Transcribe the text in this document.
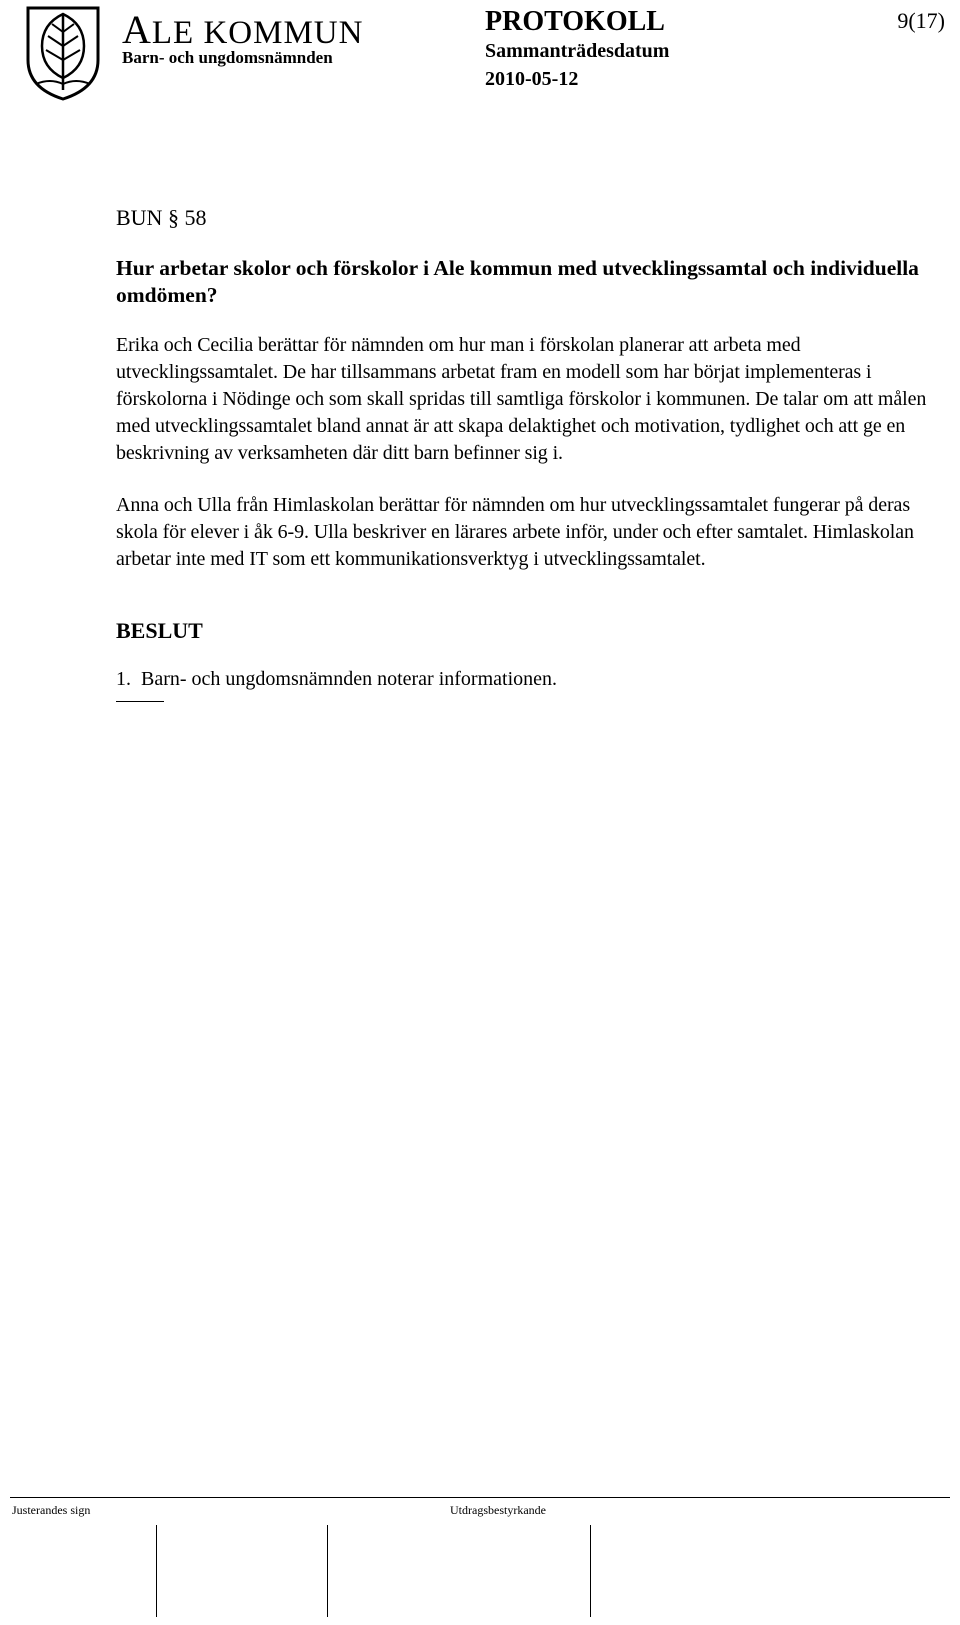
ALE KOMMUN
Barn- och ungdomsnämnden
PROTOKOLL
Sammanträdesdatum
2010-05-12
9(17)
BUN § 58
Hur arbetar skolor och förskolor i Ale kommun med utvecklingssamtal och individuella omdömen?

Erika och Cecilia berättar för nämnden om hur man i förskolan planerar att arbeta med utvecklingssamtalet. De har tillsammans arbetat fram en modell som har börjat implementeras i förskolorna i Nödinge och som skall spridas till samtliga förskolor i kommunen. De talar om att målen med utvecklingssamtalet bland annat är att skapa delaktighet och motivation, tydlighet och att ge en beskrivning av verksamheten där ditt barn befinner sig i.

Anna och Ulla från Himlaskolan berättar för nämnden om hur utvecklingssamtalet fungerar på deras skola för elever i åk 6-9. Ulla beskriver en lärares arbete inför, under och efter samtalet. Himlaskolan arbetar inte med IT som ett kommunikationsverktyg i utvecklingssamtalet.

BESLUT

1.  Barn- och ungdomsnämnden noterar informationen.

Justerandes sign	Utdragsbestyrkande
